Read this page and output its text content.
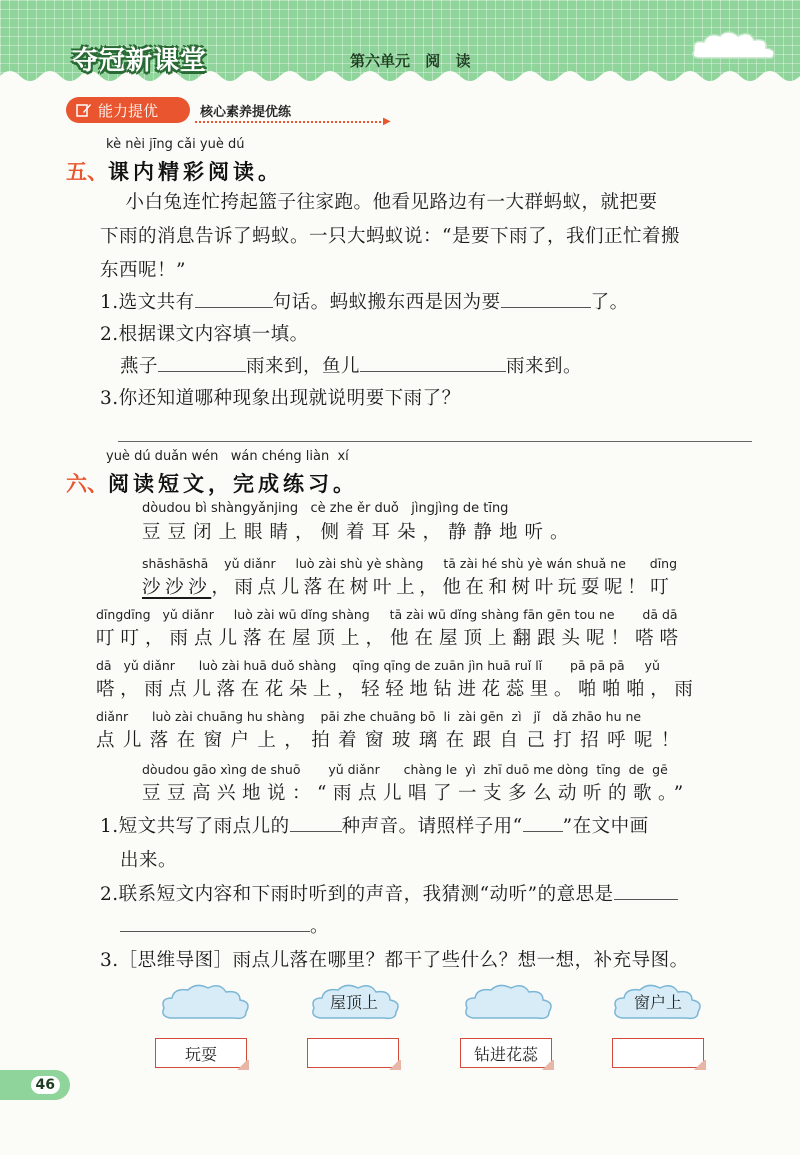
夺冠新课堂	第六单元 阅 读
能力提优	核心素养提优练
▶
kè nèi jīng cǎi yuè dú
五、课内精彩阅读。
小白兔连忙挎起篮子往家跑。他看见路边有一大群蚂蚁，就把要
下雨的消息告诉了蚂蚁。一只大蚂蚁说：“是要下雨了，我们正忙着搬
东西呢！”
1.选文共有	句话。蚂蚁搬东西是因为要	了。
2.根据课文内容填一填。
燕子	雨来到，鱼儿	雨来到。
3.你还知道哪种现象出现就说明要下雨了？
yuè dú duǎn wén   wán chéng liàn  xí
六、阅读短文，完成练习。
dòudou bì shàngyǎnjing   cè zhe ěr duǒ   jìngjìng de tīng
豆豆闭上眼睛，侧着耳朵，静静地听。
shāshāshā    yǔ diǎnr     luò zài shù yè shàng     tā zài hé shù yè wán shuǎ ne      dīng
沙沙沙，雨点儿落在树叶上，他在和树叶玩耍呢！叮
dīngdīng   yǔ diǎnr     luò zài wū dǐng shàng     tā zài wū dǐng shàng fān gēn tou ne       dā dā
叮叮，雨点儿落在屋顶上，他在屋顶上翻跟头呢！嗒嗒
dā   yǔ diǎnr      luò zài huā duǒ shàng    qīng qīng de zuān jìn huā ruǐ lǐ       pā pā pā     yǔ
嗒，雨点儿落在花朵上，轻轻地钻进花蕊里。啪啪啪，雨
diǎnr      luò zài chuāng hu shàng    pāi zhe chuāng bō  li  zài gēn  zì   jǐ   dǎ zhāo hu ne
点儿落在窗户上，拍着窗玻璃在跟自己打招呼呢！
dòudou gāo xìng de shuō       yǔ diǎnr      chàng le  yì  zhī duō me dòng  tīng  de  gē
豆豆高兴地说：“雨点儿唱了一支多么动听的歌。”
1.短文共写了雨点儿的	种声音。请照样子用“ ”在文中画
出来。
2.联系短文内容和下雨时听到的声音，我猜测“动听”的意思是
。
3.［思维导图］雨点儿落在哪里？都干了些什么？想一想，补充导图。
屋顶上	窗户上
玩耍	钻进花蕊
46
